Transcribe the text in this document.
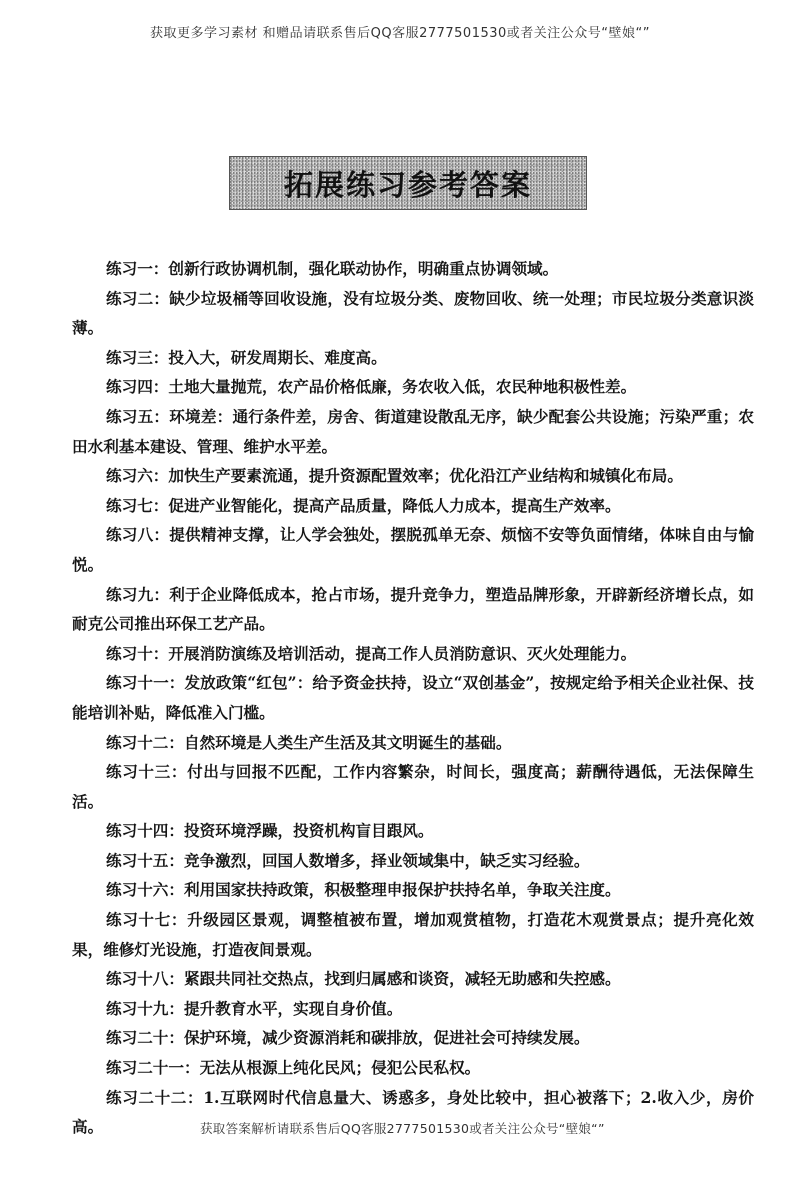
获取更多学习素材 和赠品请联系售后QQ客服2777501530或者关注公众号“壁娘“”
拓展练习参考答案
练习一：创新行政协调机制，强化联动协作，明确重点协调领域。
练习二：缺少垃圾桶等回收设施，没有垃圾分类、废物回收、统一处理；市民垃圾分类意识淡薄。
练习三：投入大，研发周期长、难度高。
练习四：土地大量抛荒，农产品价格低廉，务农收入低，农民种地积极性差。
练习五：环境差：通行条件差，房舍、街道建设散乱无序，缺少配套公共设施；污染严重；农田水利基本建设、管理、维护水平差。
练习六：加快生产要素流通，提升资源配置效率；优化沿江产业结构和城镇化布局。
练习七：促进产业智能化，提高产品质量，降低人力成本，提高生产效率。
练习八：提供精神支撑，让人学会独处，摆脱孤单无奈、烦恼不安等负面情绪，体味自由与愉悦。
练习九：利于企业降低成本，抢占市场，提升竞争力，塑造品牌形象，开辟新经济增长点，如耐克公司推出环保工艺产品。
练习十：开展消防演练及培训活动，提高工作人员消防意识、灭火处理能力。
练习十一：发放政策“红包”：给予资金扶持，设立“双创基金”，按规定给予相关企业社保、技能培训补贴，降低准入门槛。
练习十二：自然环境是人类生产生活及其文明诞生的基础。
练习十三：付出与回报不匹配，工作内容繁杂，时间长，强度高；薪酬待遇低，无法保障生活。
练习十四：投资环境浮躁，投资机构盲目跟风。
练习十五：竞争激烈，回国人数增多，择业领域集中，缺乏实习经验。
练习十六：利用国家扶持政策，积极整理申报保护扶持名单，争取关注度。
练习十七：升级园区景观，调整植被布置，增加观赏植物，打造花木观赏景点；提升亮化效果，维修灯光设施，打造夜间景观。
练习十八：紧跟共同社交热点，找到归属感和谈资，减轻无助感和失控感。
练习十九：提升教育水平，实现自身价值。
练习二十：保护环境，减少资源消耗和碳排放，促进社会可持续发展。
练习二十一：无法从根源上纯化民风；侵犯公民私权。
练习二十二：1.互联网时代信息量大、诱惑多，身处比较中，担心被落下；2.收入少，房价高。	获取答案解析请联系售后QQ客服2777501530或者关注公众号“壁娘“”
